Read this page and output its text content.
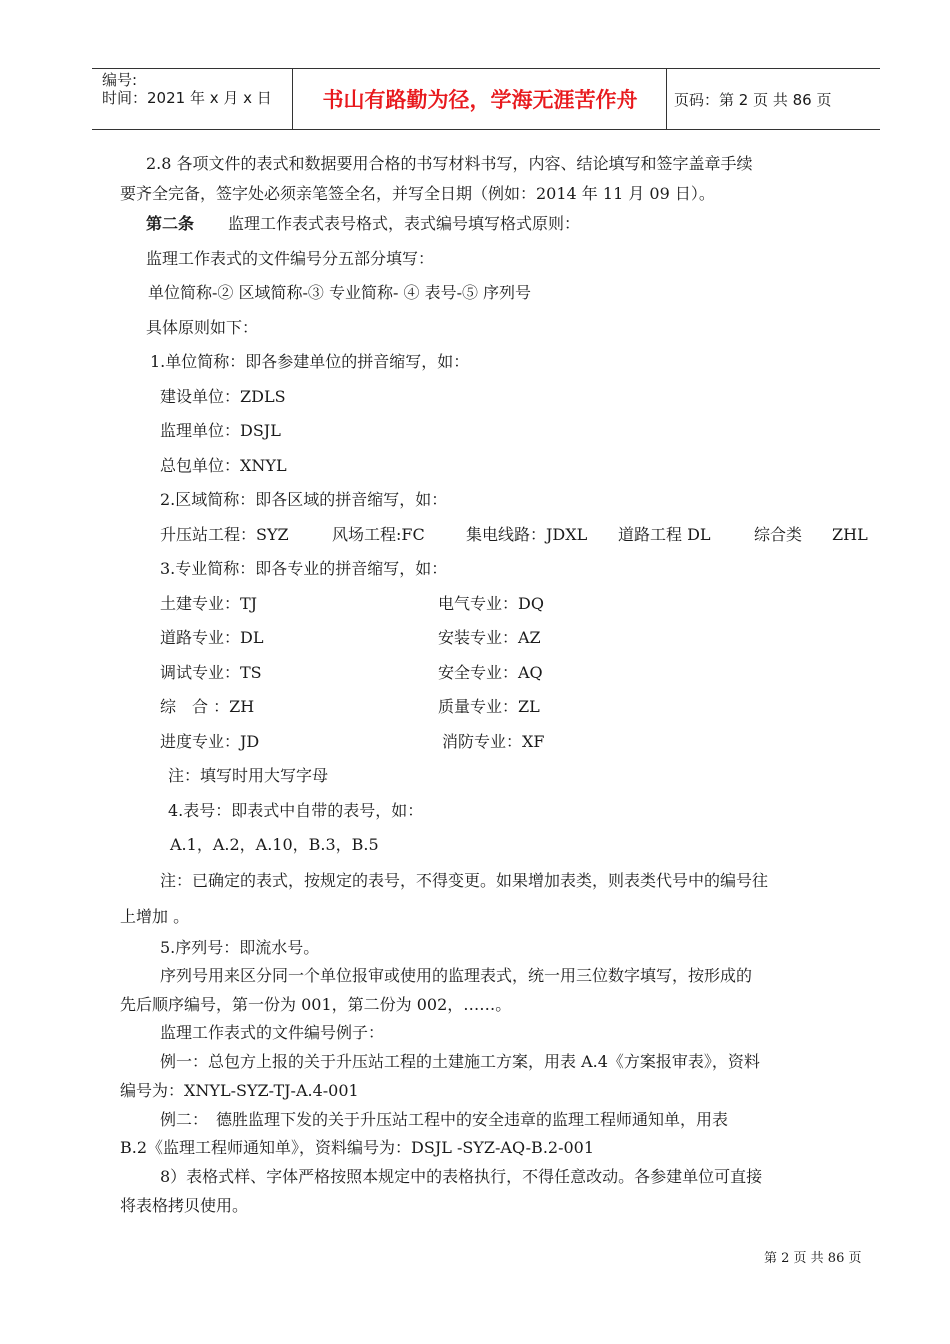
编号:
时间：2021 年 x 月 x 日	书山有路勤为径，学海无涯苦作舟	页码：第 2 页 共 86 页
2.8 各项文件的表式和数据要用合格的书写材料书写，内容、结论填写和签字盖章手续
要齐全完备，签字处必须亲笔签全名，并写全日期（例如：2014 年 11 月 09 日）。
第二条 监理工作表式表号格式，表式编号填写格式原则：
监理工作表式的文件编号分五部分填写：
单位简称-② 区域简称-③ 专业简称- ④ 表号-⑤ 序列号
具体原则如下：
1.单位简称：即各参建单位的拼音缩写，如：
建设单位：ZDLS
监理单位：DSJL
总包单位：XNYL
2.区域简称：即各区域的拼音缩写，如：
升压站工程：SYZ	风场工程:FC	集电线路：JDXL 道路工程 DL	综合类 ZHL
3.专业简称：即各专业的拼音缩写，如：
土建专业：TJ	电气专业：DQ
道路专业：DL	安装专业：AZ
调试专业：TS	安全专业：AQ
综　合 ：ZH	质量专业：ZL
进度专业：JD	消防专业：XF
注：填写时用大写字母
4.表号：即表式中自带的表号，如：
A.1，A.2，A.10，B.3，B.5
注：已确定的表式，按规定的表号，不得变更。如果增加表类，则表类代号中的编号往
上增加 。
5.序列号：即流水号。
序列号用来区分同一个单位报审或使用的监理表式，统一用三位数字填写，按形成的
先后顺序编号，第一份为 001，第二份为 002，……。
监理工作表式的文件编号例子：
例一：总包方上报的关于升压站工程的土建施工方案，用表 A.4《方案报审表》，资料
编号为：XNYL-SYZ-TJ-A.4-001
例二：　德胜监理下发的关于升压站工程中的安全违章的监理工程师通知单，用表
B.2《监理工程师通知单》，资料编号为：DSJL -SYZ-AQ-B.2-001
8）表格式样、字体严格按照本规定中的表格执行，不得任意改动。各参建单位可直接
将表格拷贝使用。
第 2 页 共 86 页
